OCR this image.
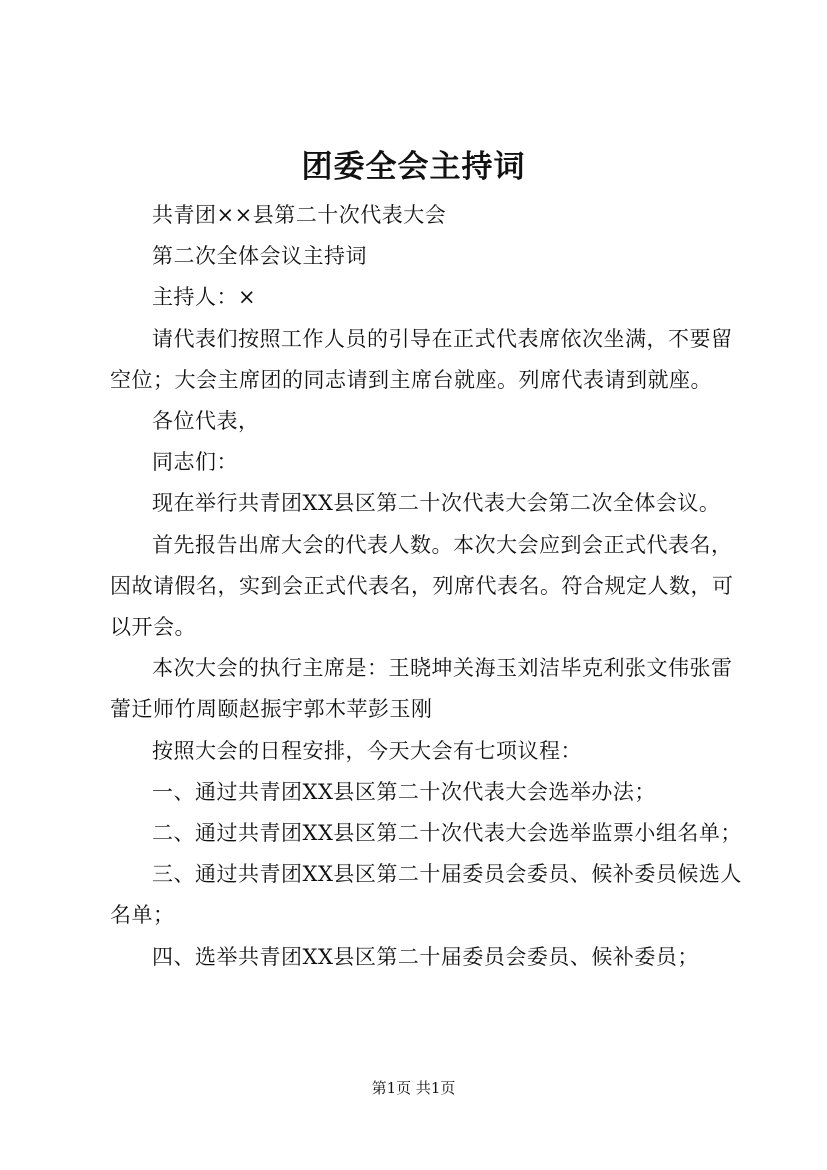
团委全会主持词

共青团××县第二十次代表大会

第二次全体会议主持词

主持人：×

请代表们按照工作人员的引导在正式代表席依次坐满，不要留空位；大会主席团的同志请到主席台就座。列席代表请到就座。

各位代表，

同志们：

现在举行共青团XX县区第二十次代表大会第二次全体会议。

首先报告出席大会的代表人数。本次大会应到会正式代表名，因故请假名，实到会正式代表名，列席代表名。符合规定人数，可以开会。

本次大会的执行主席是：王晓坤关海玉刘洁毕克利张文伟张雷蕾迁师竹周颐赵振宇郭木苹彭玉刚

按照大会的日程安排，今天大会有七项议程：

一、通过共青团XX县区第二十次代表大会选举办法；

二、通过共青团XX县区第二十次代表大会选举监票小组名单；

三、通过共青团XX县区第二十届委员会委员、候补委员候选人名单；

四、选举共青团XX县区第二十届委员会委员、候补委员；

第1页 共1页
